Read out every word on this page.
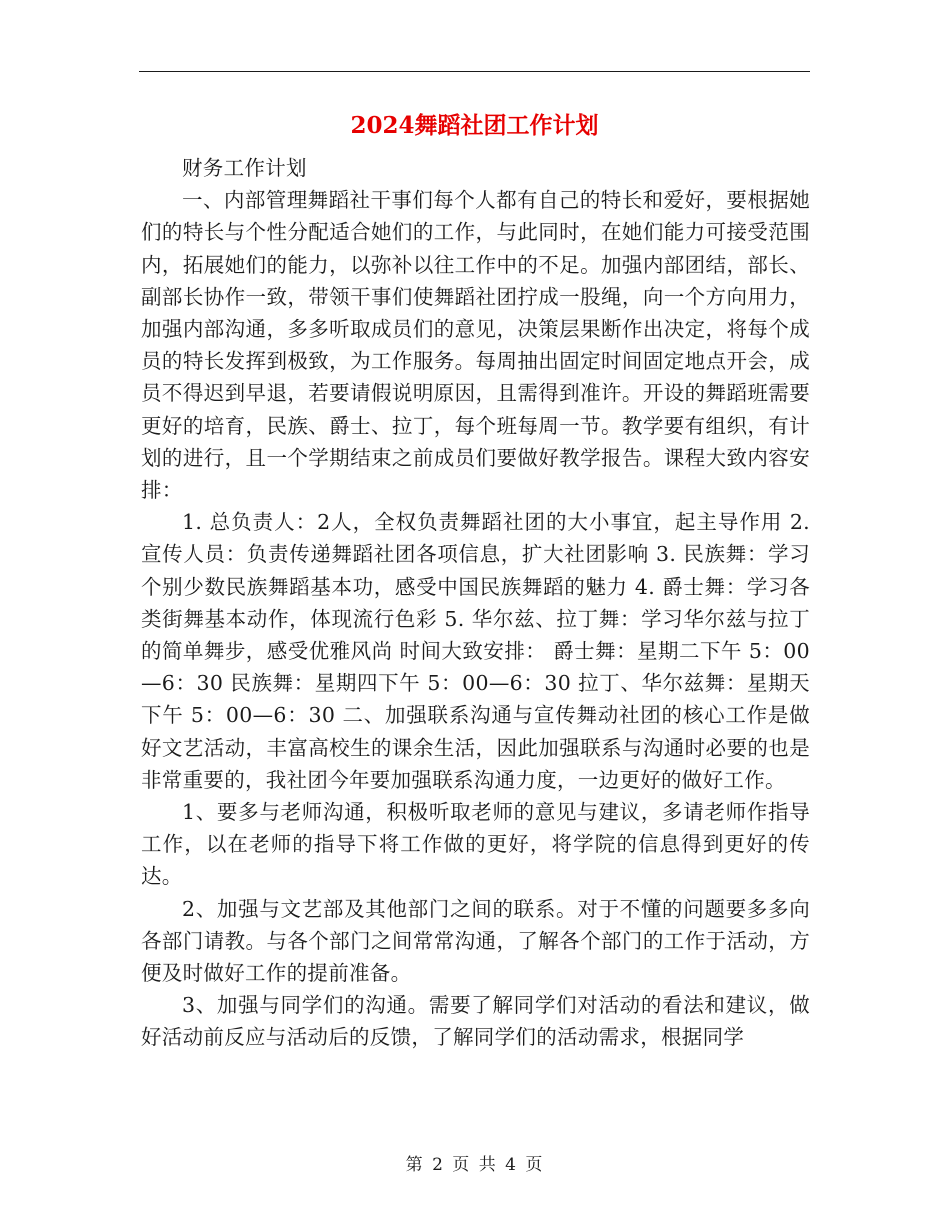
2024舞蹈社团工作计划

财务工作计划

一、内部管理舞蹈社干事们每个人都有自己的特长和爱好，要根据她们的特长与个性分配适合她们的工作，与此同时，在她们能力可接受范围内，拓展她们的能力，以弥补以往工作中的不足。加强内部团结，部长、副部长协作一致，带领干事们使舞蹈社团拧成一股绳，向一个方向用力，加强内部沟通，多多听取成员们的意见，决策层果断作出决定，将每个成员的特长发挥到极致，为工作服务。每周抽出固定时间固定地点开会，成员不得迟到早退，若要请假说明原因，且需得到准许。开设的舞蹈班需要更好的培育，民族、爵士、拉丁，每个班每周一节。教学要有组织，有计划的进行，且一个学期结束之前成员们要做好教学报告。课程大致内容安排：

1. 总负责人：2人，全权负责舞蹈社团的大小事宜，起主导作用 2. 宣传人员：负责传递舞蹈社团各项信息，扩大社团影响 3. 民族舞：学习个别少数民族舞蹈基本功，感受中国民族舞蹈的魅力 4. 爵士舞：学习各类街舞基本动作，体现流行色彩 5. 华尔兹、拉丁舞：学习华尔兹与拉丁的简单舞步，感受优雅风尚 时间大致安排： 爵士舞：星期二下午 5：00—6：30 民族舞：星期四下午 5：00—6：30 拉丁、华尔兹舞：星期天下午 5：00—6：30 二、加强联系沟通与宣传舞动社团的核心工作是做好文艺活动，丰富高校生的课余生活，因此加强联系与沟通时必要的也是非常重要的，我社团今年要加强联系沟通力度，一边更好的做好工作。

1、要多与老师沟通，积极听取老师的意见与建议，多请老师作指导工作，以在老师的指导下将工作做的更好，将学院的信息得到更好的传达。

2、加强与文艺部及其他部门之间的联系。对于不懂的问题要多多向各部门请教。与各个部门之间常常沟通，了解各个部门的工作于活动，方便及时做好工作的提前准备。

3、加强与同学们的沟通。需要了解同学们对活动的看法和建议，做好活动前反应与活动后的反馈，了解同学们的活动需求，根据同学

第 2 页 共 4 页
